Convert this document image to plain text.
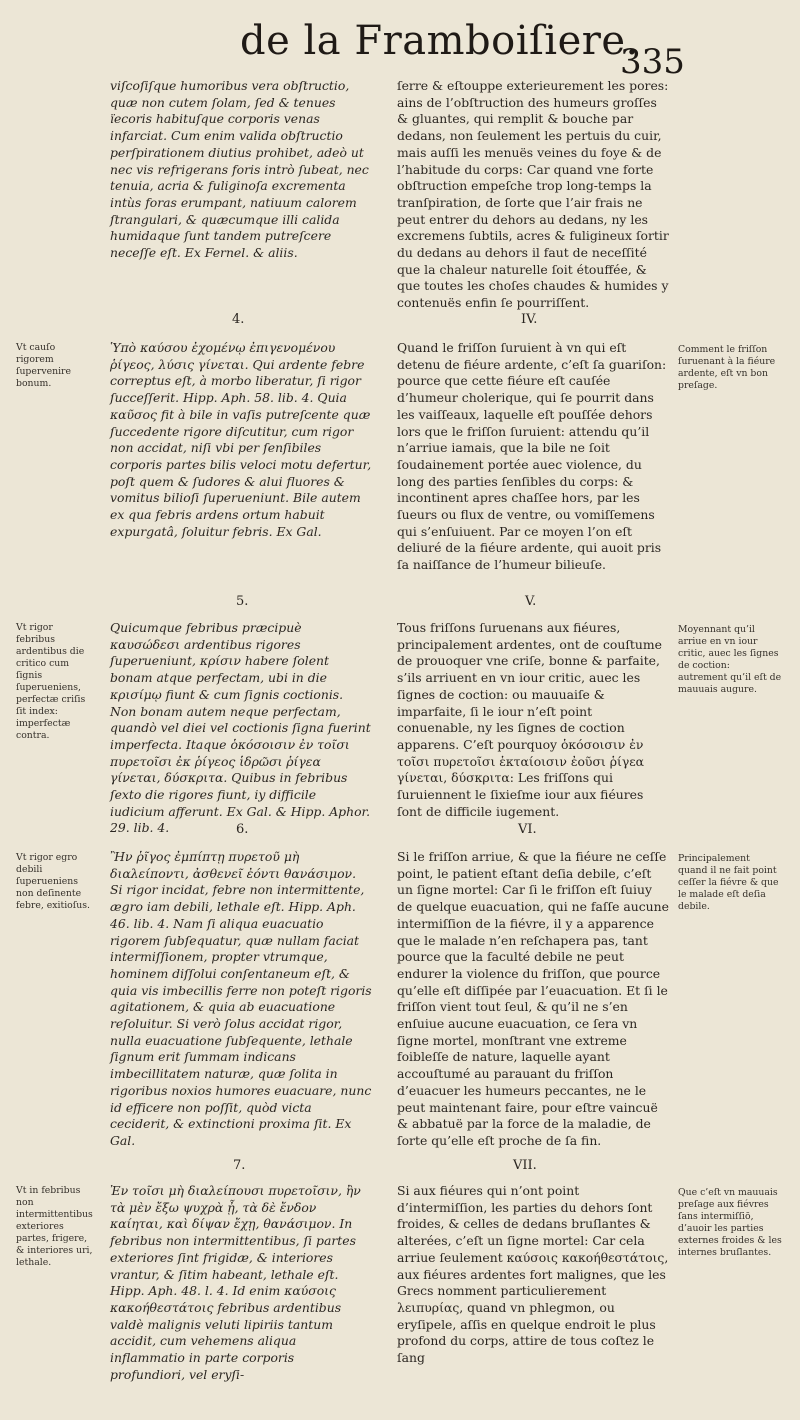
de la Framboiſiere.
335
viſcoſiſque humoribus vera obſtructio, quæ non cutem ſolam, ſed & tenues ïecoris habituſque corporis venas infarciat. Cum enim valida obſtructio perſpirationem diutius prohibet, adeò ut nec vis refrigerans foris intrò ſubeat, nec tenuia, acria & fuliginoſa excrementa intùs foras erumpant, natiuum calorem ſtrangulari, & quæcumque illi calida humidaque ſunt tandem putreſcere neceſſe eſt. Ex Fernel. & aliis.
ſerre & eſtouppe exterieurement les pores: ains de l’obſtruction des humeurs groſſes & gluantes, qui remplit & bouche par dedans, non ſeulement les pertuis du cuir, mais auſſi les menuës veines du foye & de l’habitude du corps: Car quand vne forte obſtruction empeſche trop long-temps la tranſpiration, de ſorte que l’air frais ne peut entrer du dehors au dedans, ny les excremens ſubtils, acres & fuligineux ſortir du dedans au dehors il faut de neceſſité que la chaleur naturelle ſoit étouffée, & que toutes les choſes chaudes & humides y contenuës enfin ſe pourriſſent.
4.	IV.
Vt cauſo rigorem ſupervenire bonum.
Ὑπὸ καύσου ἐχομένῳ ἐπιγενομένου ῥίγεος, λύσις γίνεται. Qui ardente febre correptus eſt, à morbo liberatur, ſi rigor ſucceſſerit. Hipp. Aph. 58. lib. 4. Quia καῦσος fit à bile in vaſis putreſcente quæ ſuccedente rigore diſcutitur, cum rigor non accidat, niſi vbi per ſenſibiles corporis partes bilis veloci motu defertur, poſt quem & ſudores & alui fluores & vomitus bilioſi ſuperueniunt. Bile autem ex qua febris ardens ortum habuit expurgatâ, ſoluitur febris. Ex Gal.
Quand le friſſon ſuruient à vn qui eſt detenu de fiéure ardente, c’eſt ſa guariſon: pource que cette fiéure eſt cauſée d’humeur cholerique, qui ſe pourrit dans les vaiſſeaux, laquelle eſt pouſſée dehors lors que le friſſon ſuruient: attendu qu’il n’arriue iamais, que la bile ne ſoit ſoudainement portée auec violence, du long des parties ſenſibles du corps: & incontinent apres chaſſee hors, par les ſueurs ou flux de ventre, ou vomiſſemens qui s’enſuiuent. Par ce moyen l’on eſt deliuré de la fiéure ardente, qui auoit pris ſa naiſſance de l’humeur bilieuſe.
Comment le friſſon ſuruenant à la fiéure ardente, eſt vn bon preſage.
5.	V.
Vt rigor febribus ardentibus die critico cum ſignis ſuperueniens, perfectæ criſis ſit index: imperfectæ contra.
Quicumque febribus præcipuè καυσώδεσι ardentibus rigores ſuperueniunt, κρίσιν habere ſolent bonam atque perfectam, ubi in die κρισίμῳ fiunt & cum ſignis coctionis. Non bonam autem neque perfectam, quandò vel diei vel coctionis ſigna fuerint imperfecta. Itaque ὁκόσοισιν ἐν τοῖσι πυρετοῖσι ἐκ ῥίγεος ἱδρῶσι ῥίγεα γίνεται, δύσκριτα. Quibus in febribus ſexto die rigores fiunt, iy difficile iudicium afferunt. Ex Gal. & Hipp. Aphor. 29. lib. 4.
Tous friſſons ſuruenans aux fiéures, principalement ardentes, ont de couſtume de prouoquer vne criſe, bonne & parfaite, s’ils arriuent en vn iour critic, auec les ſignes de coction: ou mauuaiſe & imparfaite, ſi le iour n’eſt point conuenable, ny les ſignes de coction apparens. C’eſt pourquoy ὁκόσοισιν ἐν τοῖσι πυρετοῖσι ἑκταίοισιν ἐοῦσι ῥίγεα γίνεται, δύσκριτα: Les friſſons qui ſuruiennent le ſixieſme iour aux fiéures ſont de difficile iugement.
Moyennant qu’il arriue en vn iour critic, auec les ſignes de coction: autrement qu’il eſt de mauuais augure.
6.	VI.
Vt rigor egro debili ſuperueniens non deſinente febre, exitioſus.
Ἢν ῥῖγος ἐμπίπτῃ πυρετοῦ μὴ διαλείποντι, ἀσθενεῖ ἐόντι θανάσιμον. Si rigor incidat, febre non intermittente, ægro iam debili, lethale eſt. Hipp. Aph. 46. lib. 4. Nam ſi aliqua euacuatio rigorem ſubſequatur, quæ nullam faciat intermiſſionem, propter vtrumque, hominem diſſolui conſentaneum eſt, & quia vis imbecillis ferre non poteſt rigoris agitationem, & quia ab euacuatione reſoluitur. Si verò ſolus accidat rigor, nulla euacuatione ſubſequente, lethale ſignum erit ſummam indicans imbecillitatem naturæ, quæ ſolita in rigoribus noxios humores euacuare, nunc id efficere non poſſit, quòd victa ceciderit, & extinctioni proxima ſit. Ex Gal.
Si le friſſon arriue, & que la fiéure ne ceſſe point, le patient eſtant deſia debile, c’eſt un ſigne mortel: Car ſi le friſſon eſt ſuiuy de quelque euacuation, qui ne faſſe aucune intermiſſion de la fiévre, il y a apparence que le malade n’en reſchapera pas, tant pource que la faculté debile ne peut endurer la violence du friſſon, que pource qu’elle eſt diſſipée par l’euacuation. Et ſi le friſſon vient tout ſeul, & qu’il ne s’en enſuiue aucune euacuation, ce ſera vn ſigne mortel, monſtrant vne extreme foibleſſe de nature, laquelle ayant accouſtumé au parauant du friſſon d’euacuer les humeurs peccantes, ne le peut maintenant faire, pour eſtre vaincuë & abbatuë par la force de la maladie, de ſorte qu’elle eſt proche de ſa fin.
Principalement quand il ne fait point ceſſer la fiévre & que le malade eſt deſia debile.
7.	VII.
Vt in febribus non intermittentibus exteriores partes, frigere, & interiores uri, lethale.
Ἐν τοῖσι μὴ διαλείπουσι πυρετοῖσιν, ἢν τὰ μὲν ἔξω ψυχρὰ ᾖ, τὰ δὲ ἔνδον καίηται, καὶ δίψαν ἔχῃ, θανάσιμον. In febribus non intermittentibus, ſi partes exteriores ſint frigidæ, & interiores vrantur, & ſitim habeant, lethale eſt. Hipp. Aph. 48. l. 4. Id enim καύσοις κακοήθεστάτοις febribus ardentibus valdè malignis veluti lipiriis tantum accidit, cum vehemens aliqua inflammatio in parte corporis profundiori, vel eryſi-
Si aux fiéures qui n’ont point d’intermiſſion, les parties du dehors ſont froides, & celles de dedans bruſlantes & alterées, c’eſt un ſigne mortel: Car cela arriue ſeulement καύσοις κακοήθεστάτοις, aux fiéures ardentes fort malignes, que les Grecs nomment particulierement λειπυρίας, quand vn phlegmon, ou eryſipele, aſſis en quelque endroit le plus profond du corps, attire de tous coſtez le ſang
Que c’eſt vn mauuais preſage aux fiévres ſans intermiſſiō, d’auoir les parties externes froides & les internes bruſlantes.
